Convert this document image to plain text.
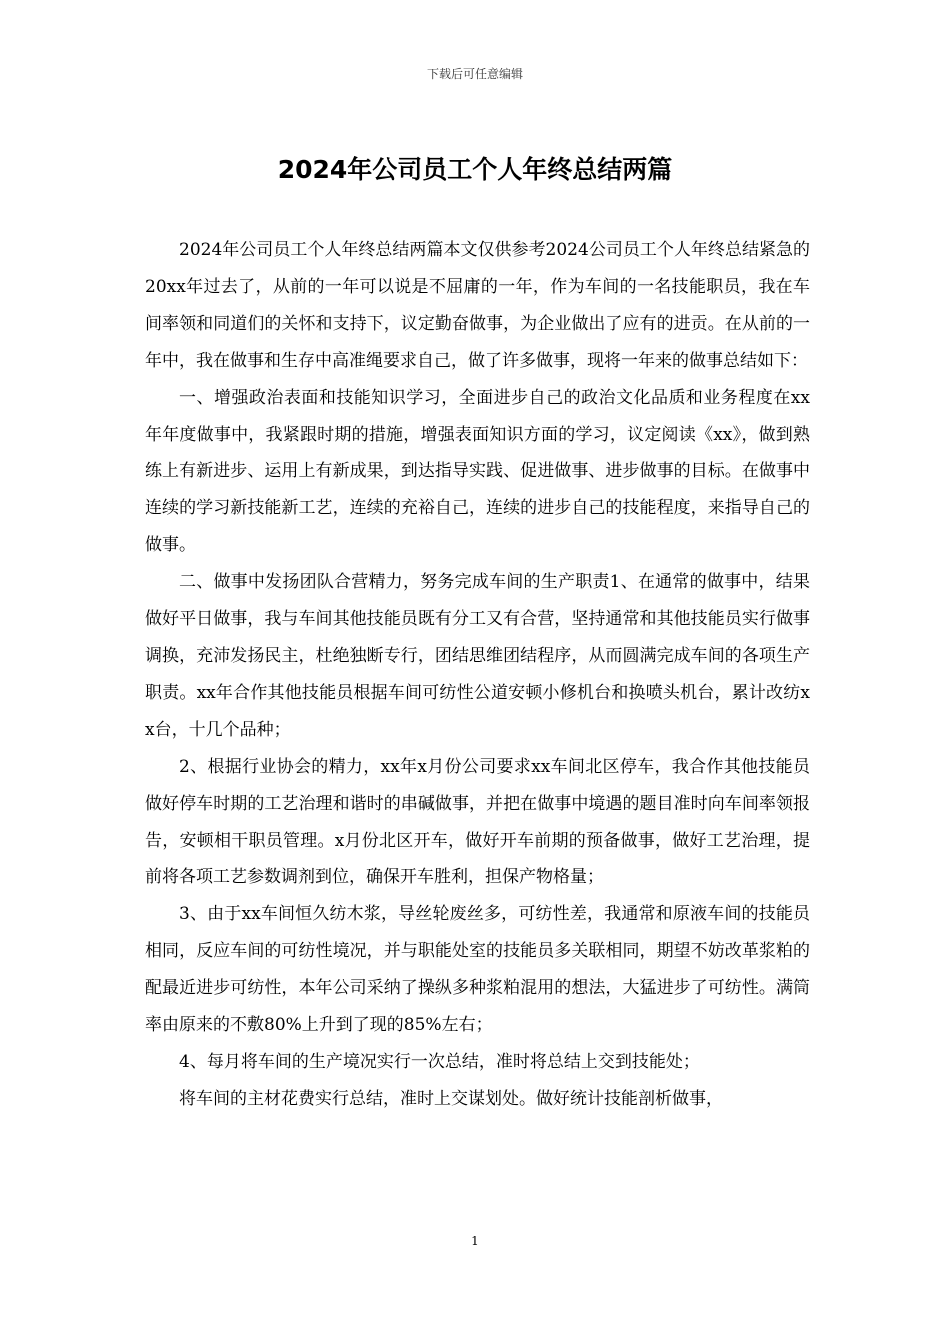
下载后可任意编辑
2024年公司员工个人年终总结两篇

2024年公司员工个人年终总结两篇本文仅供参考2024公司员工个人年终总结紧急的20xx年过去了，从前的一年可以说是不屈庸的一年，作为车间的一名技能职员，我在车间率领和同道们的关怀和支持下，议定勤奋做事，为企业做出了应有的进贡。在从前的一年中，我在做事和生存中高准绳要求自己，做了许多做事，现将一年来的做事总结如下：

一、增强政治表面和技能知识学习，全面进步自己的政治文化品质和业务程度在xx年年度做事中，我紧跟时期的措施，增强表面知识方面的学习，议定阅读《xx》，做到熟练上有新进步、运用上有新成果，到达指导实践、促进做事、进步做事的目标。在做事中连续的学习新技能新工艺，连续的充裕自己，连续的进步自己的技能程度，来指导自己的做事。

二、做事中发扬团队合营精力，努务完成车间的生产职责1、在通常的做事中，结果做好平日做事，我与车间其他技能员既有分工又有合营，坚持通常和其他技能员实行做事调换，充沛发扬民主，杜绝独断专行，团结思维团结程序，从而圆满完成车间的各项生产职责。xx年合作其他技能员根据车间可纺性公道安顿小修机台和换喷头机台，累计改纺xx台，十几个品种；

2、根据行业协会的精力，xx年x月份公司要求xx车间北区停车，我合作其他技能员做好停车时期的工艺治理和谐时的串碱做事，并把在做事中境遇的题目准时向车间率领报告，安顿相干职员管理。x月份北区开车，做好开车前期的预备做事，做好工艺治理，提前将各项工艺参数调剂到位，确保开车胜利，担保产物格量；

3、由于xx车间恒久纺木浆，导丝轮废丝多，可纺性差，我通常和原液车间的技能员相同，反应车间的可纺性境况，并与职能处室的技能员多关联相同，期望不妨改革浆粕的配最近进步可纺性，本年公司采纳了操纵多种浆粕混用的想法，大猛进步了可纺性。满筒率由原来的不敷80%上升到了现的85%左右；

4、每月将车间的生产境况实行一次总结，准时将总结上交到技能处；

将车间的主材花费实行总结，准时上交谋划处。做好统计技能剖析做事，

1
